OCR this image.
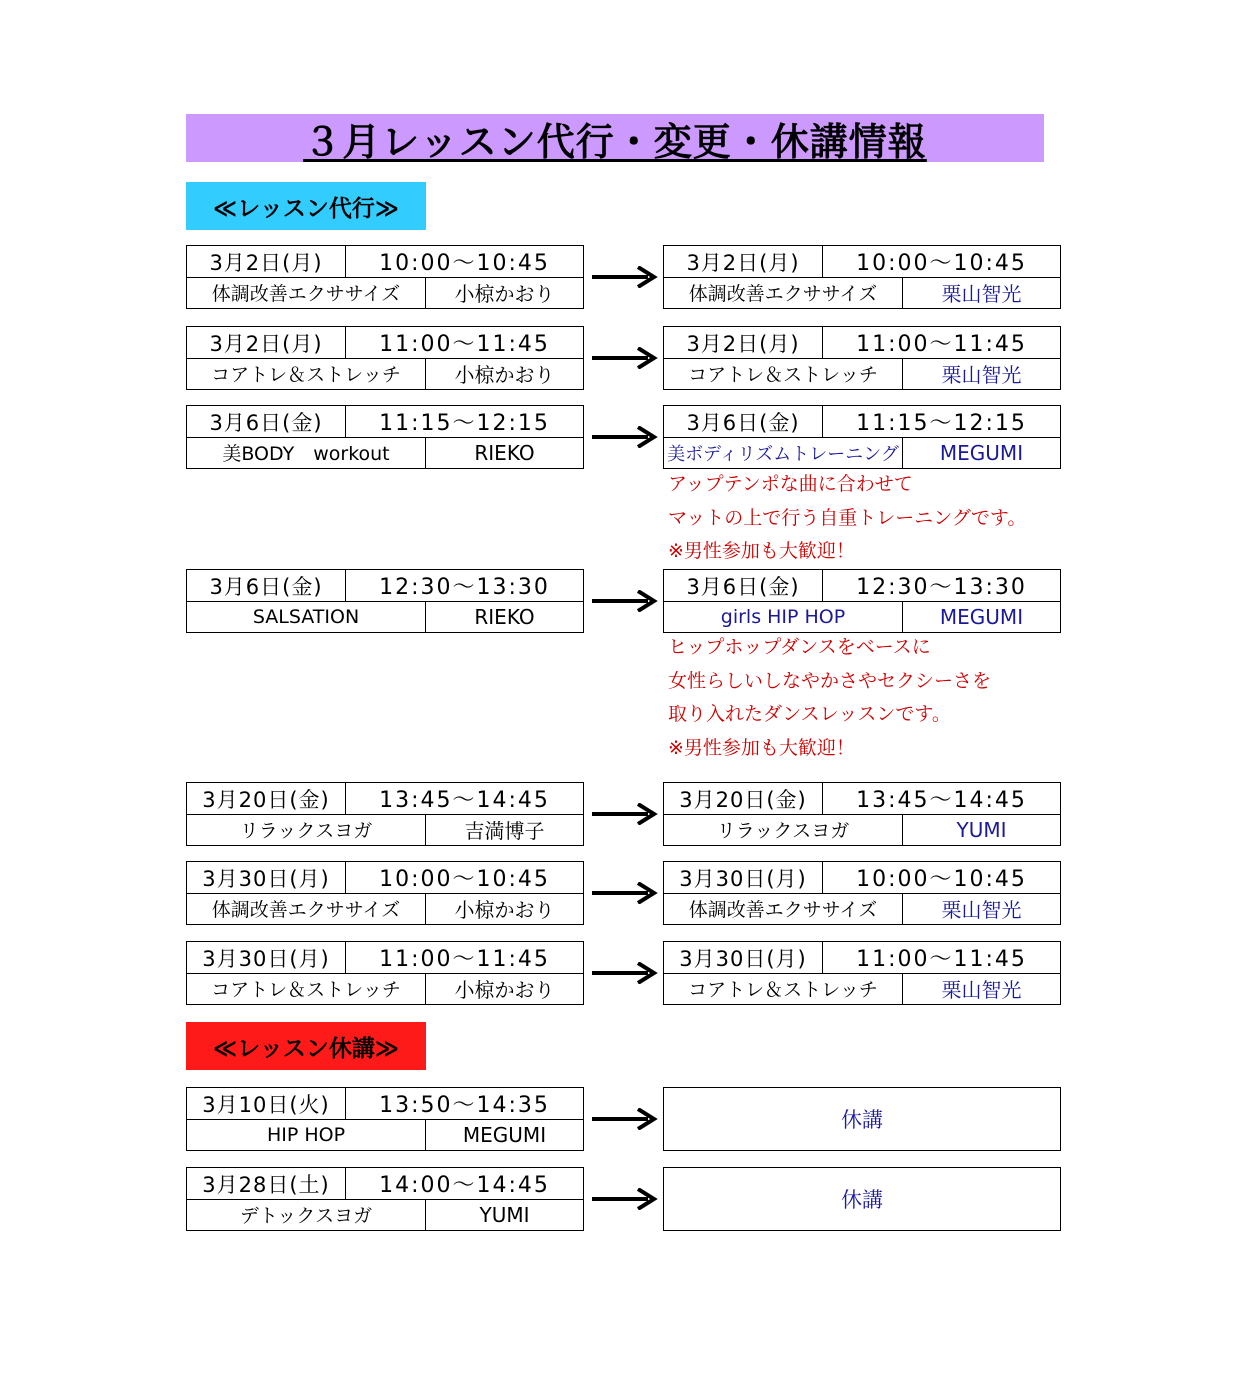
３月レッスン代行・変更・休講情報
≪レッスン代行≫
3月2日(月)	10:00～10:45
体調改善エクササイズ	小椋かおり
3月2日(月)	10:00～10:45
体調改善エクササイズ	栗山智光
3月2日(月)	11:00～11:45
コアトレ＆ストレッチ	小椋かおり
3月2日(月)	11:00～11:45
コアトレ＆ストレッチ	栗山智光
3月6日(金)	11:15～12:15
美BODY　workout	RIEKO
3月6日(金)	11:15～12:15
美ボディリズムトレーニング	MEGUMI
アップテンポな曲に合わせて
マットの上で行う自重トレーニングです。
※男性参加も大歓迎！
3月6日(金)	12:30～13:30
SALSATION	RIEKO
3月6日(金)	12:30～13:30
girls HIP HOP	MEGUMI
ヒップホップダンスをベースに
女性らしいしなやかさやセクシーさを
取り入れたダンスレッスンです。
※男性参加も大歓迎！
3月20日(金)	13:45～14:45
リラックスヨガ	吉満博子
3月20日(金)	13:45～14:45
リラックスヨガ	YUMI
3月30日(月)	10:00～10:45
体調改善エクササイズ	小椋かおり
3月30日(月)	10:00～10:45
体調改善エクササイズ	栗山智光
3月30日(月)	11:00～11:45
コアトレ＆ストレッチ	小椋かおり
3月30日(月)	11:00～11:45
コアトレ＆ストレッチ	栗山智光
≪レッスン休講≫
3月10日(火)	13:50～14:35
HIP HOP	MEGUMI
休講
3月28日(土)	14:00～14:45
デトックスヨガ	YUMI
休講
